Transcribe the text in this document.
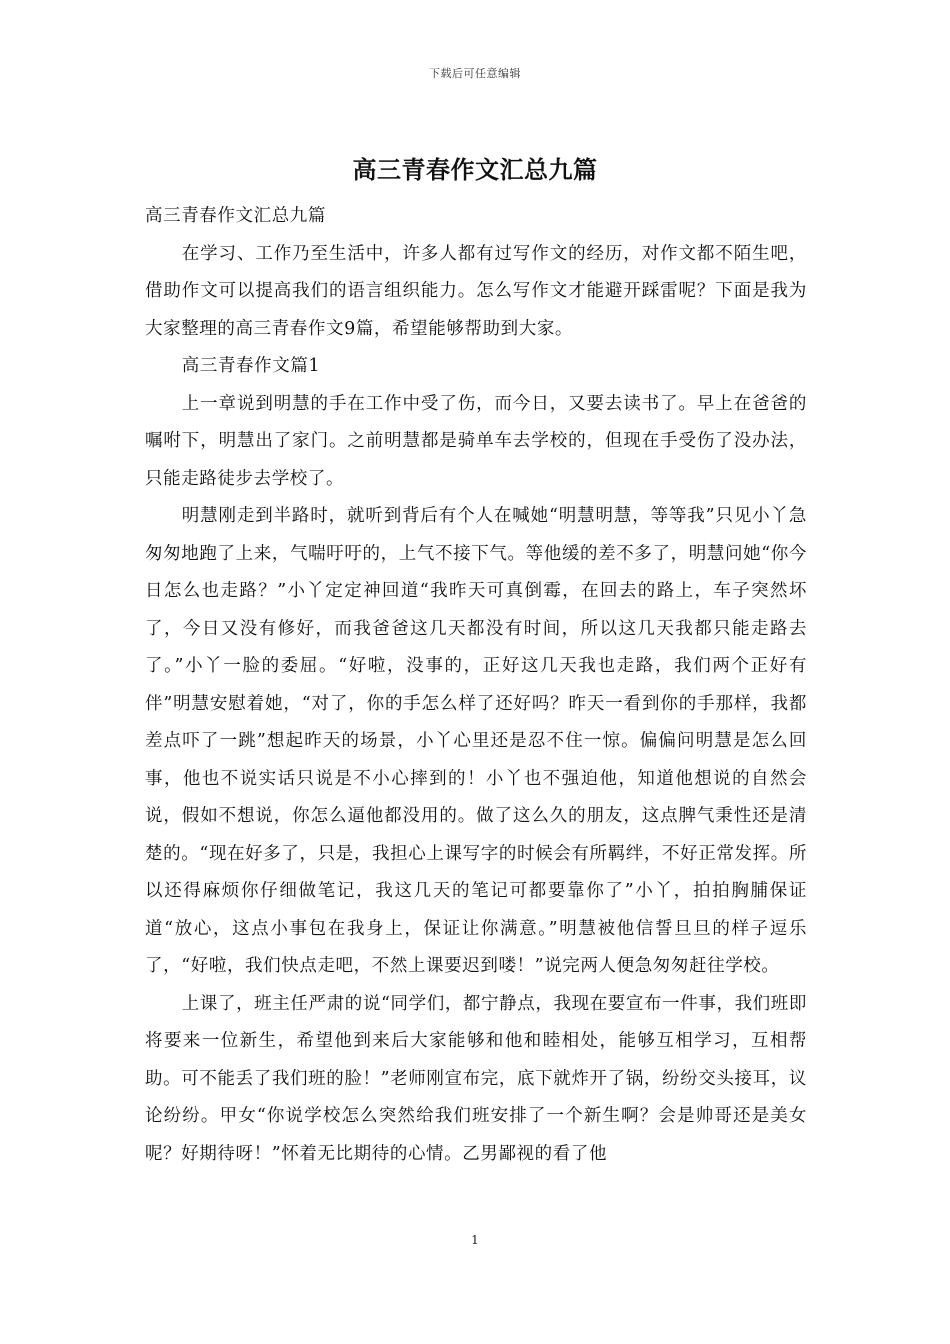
下载后可任意编辑
高三青春作文汇总九篇

高三青春作文汇总九篇

在学习、工作乃至生活中，许多人都有过写作文的经历，对作文都不陌生吧，借助作文可以提高我们的语言组织能力。怎么写作文才能避开踩雷呢？下面是我为大家整理的高三青春作文9篇，希望能够帮助到大家。

高三青春作文篇1

上一章说到明慧的手在工作中受了伤，而今日，又要去读书了。早上在爸爸的嘱咐下，明慧出了家门。之前明慧都是骑单车去学校的，但现在手受伤了没办法，只能走路徒步去学校了。

明慧刚走到半路时，就听到背后有个人在喊她“明慧明慧，等等我”只见小丫急匆匆地跑了上来，气喘吁吁的，上气不接下气。等他缓的差不多了，明慧问她“你今日怎么也走路？”小丫定定神回道“我昨天可真倒霉，在回去的路上，车子突然坏了，今日又没有修好，而我爸爸这几天都没有时间，所以这几天我都只能走路去了。”小丫一脸的委屈。“好啦，没事的，正好这几天我也走路，我们两个正好有伴”明慧安慰着她，“对了，你的手怎么样了还好吗？昨天一看到你的手那样，我都差点吓了一跳”想起昨天的场景，小丫心里还是忍不住一惊。偏偏问明慧是怎么回事，他也不说实话只说是不小心摔到的！小丫也不强迫他，知道他想说的自然会说，假如不想说，你怎么逼他都没用的。做了这么久的朋友，这点脾气秉性还是清楚的。“现在好多了，只是，我担心上课写字的时候会有所羁绊，不好正常发挥。所以还得麻烦你仔细做笔记，我这几天的笔记可都要靠你了”小丫，拍拍胸脯保证道“放心，这点小事包在我身上，保证让你满意。”明慧被他信誓旦旦的样子逗乐了，“好啦，我们快点走吧，不然上课要迟到喽！”说完两人便急匆匆赶往学校。

上课了，班主任严肃的说“同学们，都宁静点，我现在要宣布一件事，我们班即将要来一位新生，希望他到来后大家能够和他和睦相处，能够互相学习，互相帮助。可不能丢了我们班的脸！”老师刚宣布完，底下就炸开了锅，纷纷交头接耳，议论纷纷。甲女“你说学校怎么突然给我们班安排了一个新生啊？会是帅哥还是美女呢？好期待呀！”怀着无比期待的心情。乙男鄙视的看了他

1
